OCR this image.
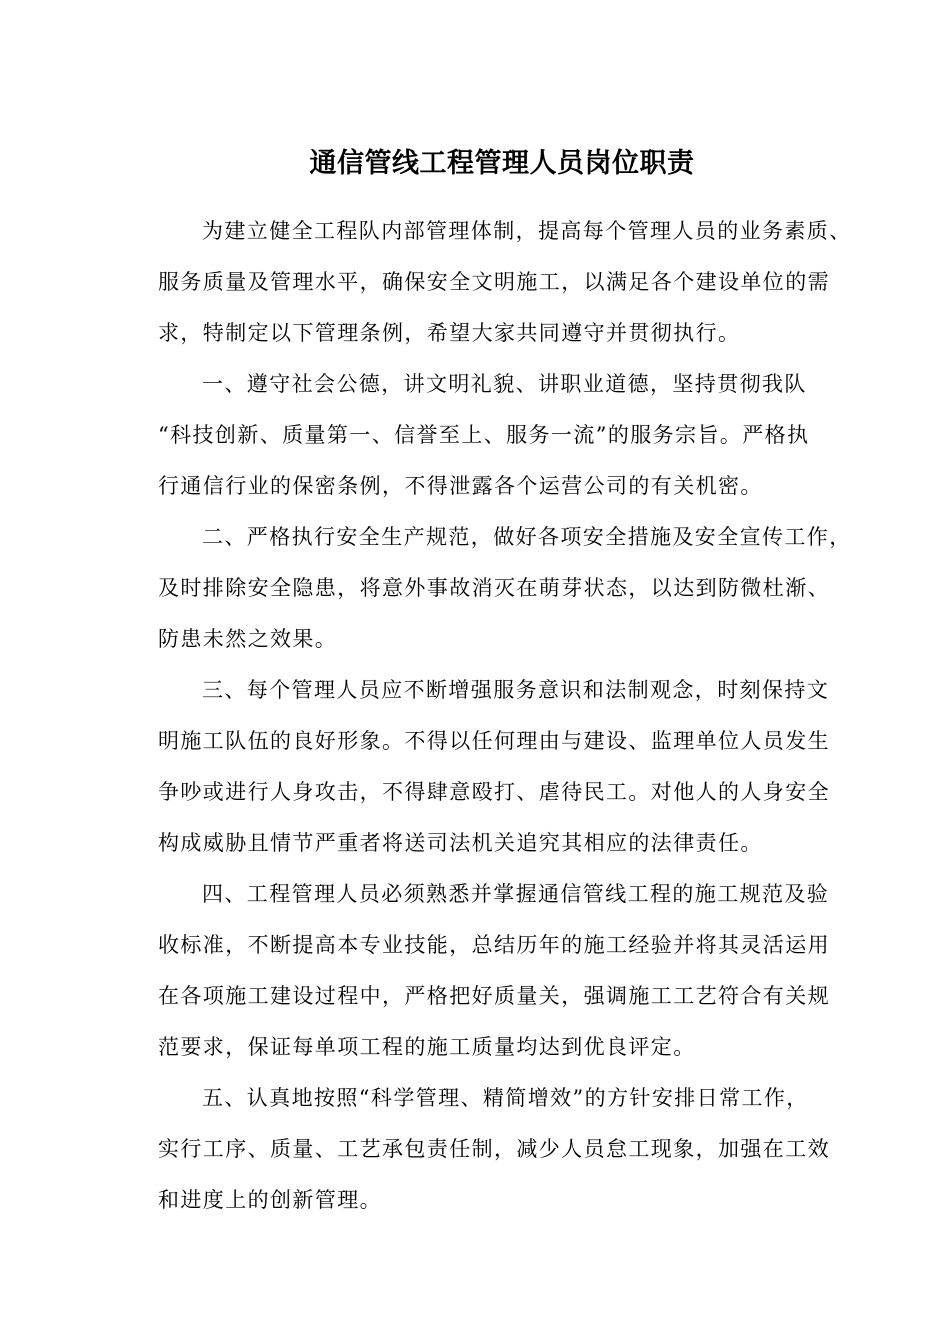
通信管线工程管理人员岗位职责

为建立健全工程队内部管理体制，提高每个管理人员的业务素质、
服务质量及管理水平，确保安全文明施工，以满足各个建设单位的需
求，特制定以下管理条例，希望大家共同遵守并贯彻执行。

一、遵守社会公德，讲文明礼貌、讲职业道德，坚持贯彻我队
“科技创新、质量第一、信誉至上、服务一流”的服务宗旨。严格执
行通信行业的保密条例，不得泄露各个运营公司的有关机密。

二、严格执行安全生产规范，做好各项安全措施及安全宣传工作，
及时排除安全隐患，将意外事故消灭在萌芽状态，以达到防微杜渐、
防患未然之效果。

三、每个管理人员应不断增强服务意识和法制观念，时刻保持文
明施工队伍的良好形象。不得以任何理由与建设、监理单位人员发生
争吵或进行人身攻击，不得肆意殴打、虐待民工。对他人的人身安全
构成威胁且情节严重者将送司法机关追究其相应的法律责任。

四、工程管理人员必须熟悉并掌握通信管线工程的施工规范及验
收标准，不断提高本专业技能，总结历年的施工经验并将其灵活运用
在各项施工建设过程中，严格把好质量关，强调施工工艺符合有关规
范要求，保证每单项工程的施工质量均达到优良评定。

五、认真地按照“科学管理、精简增效”的方针安排日常工作，
实行工序、质量、工艺承包责任制，减少人员怠工现象，加强在工效
和进度上的创新管理。
